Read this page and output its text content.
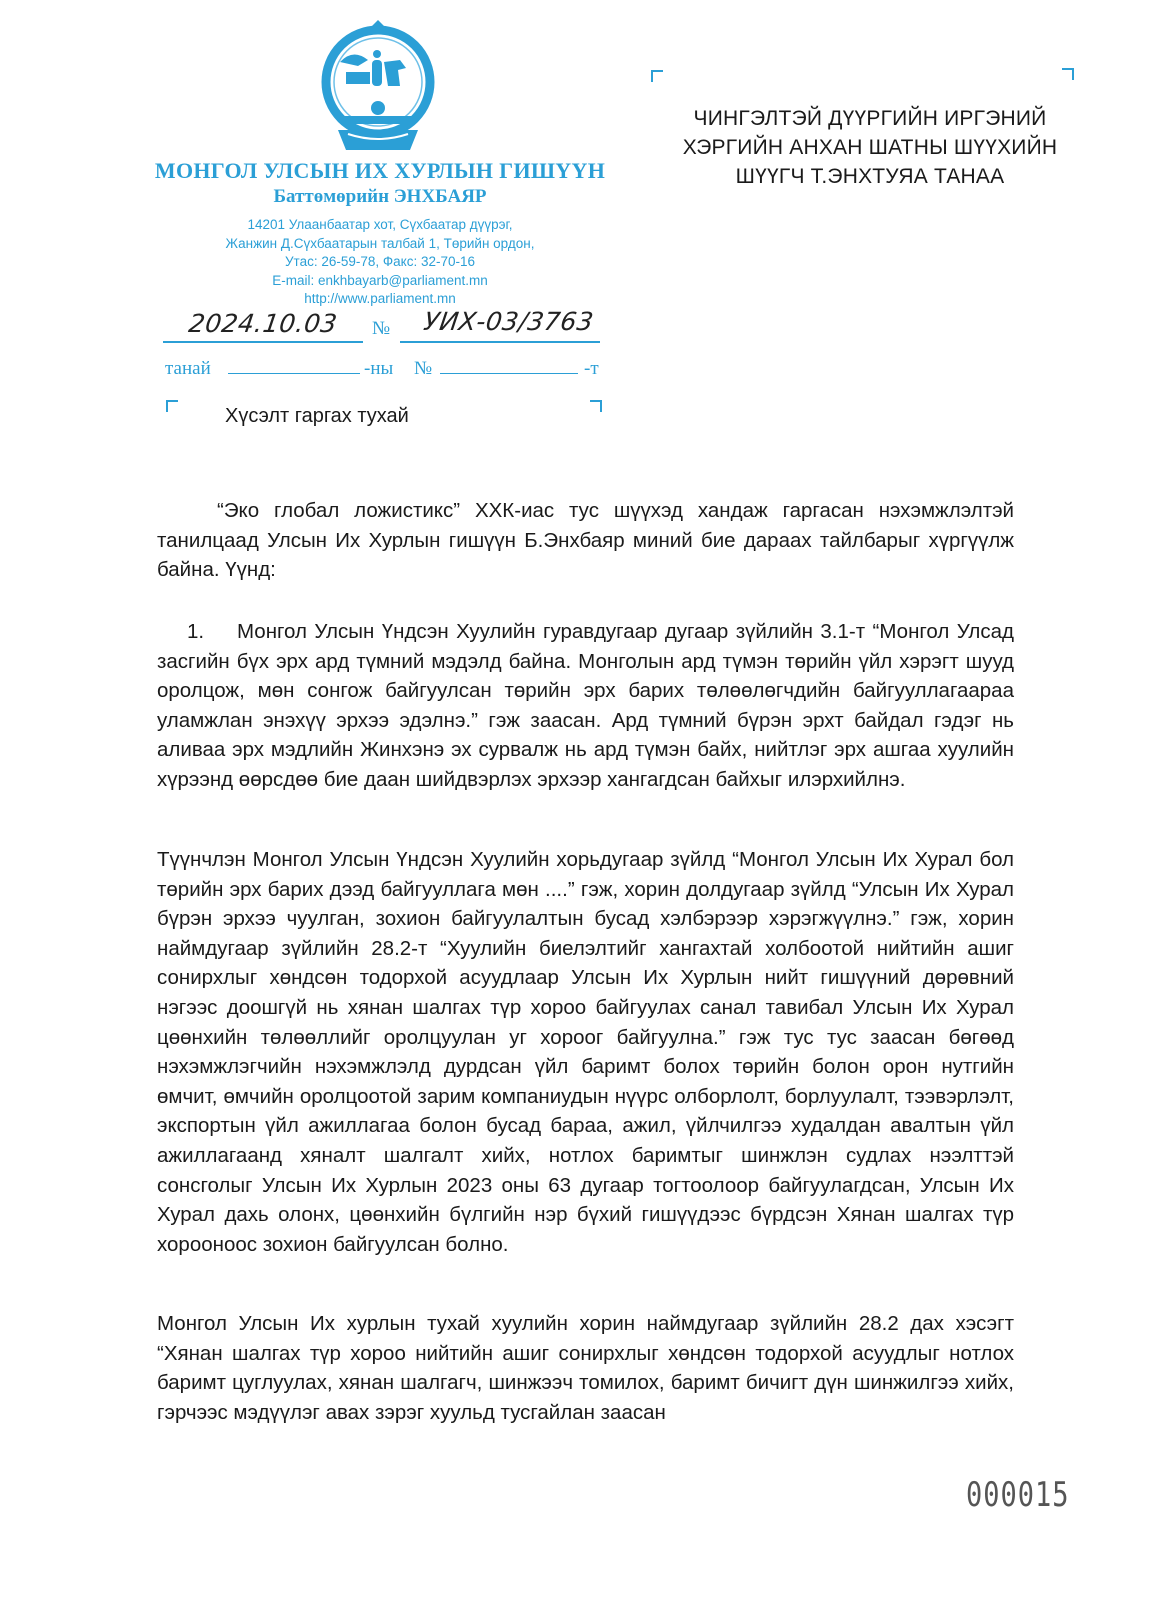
МОНГОЛ УЛСЫН ИХ ХУРЛЫН ГИШҮҮН
Баттөмөрийн ЭНХБАЯР
14201 Улаанбаатар хот, Сүхбаатар дүүрэг,
Жанжин Д.Сүхбаатарын талбай 1, Төрийн ордон,
Утас: 26-59-78, Факс: 32-70-16
E-mail: enkhbayarb@parliament.mn
http://www.parliament.mn
2024.10.03 № УИХ-03/3763
танай	-ны №	-т
ЧИНГЭЛТЭЙ ДҮҮРГИЙН ИРГЭНИЙ
ХЭРГИЙН АНХАН ШАТНЫ ШҮҮХИЙН
ШҮҮГЧ Т.ЭНХТУЯА ТАНАА
Хүсэлт гаргах тухай

“Эко глобал ложистикс” ХХК-иас тус шүүхэд хандаж гаргасан нэхэмжлэлтэй танилцаад Улсын Их Хурлын гишүүн Б.Энхбаяр миний бие дараах тайлбарыг хүргүүлж байна. Үүнд:

1. Монгол Улсын Үндсэн Хуулийн гуравдугаар дугаар зүйлийн 3.1-т “Монгол Улсад засгийн бүх эрх ард түмний мэдэлд байна. Монголын ард түмэн төрийн үйл хэрэгт шууд оролцож, мөн сонгож байгуулсан төрийн эрх барих төлөөлөгчдийн байгууллагаараа уламжлан энэхүү эрхээ эдэлнэ.” гэж заасан. Ард түмний бүрэн эрхт байдал гэдэг нь аливаа эрх мэдлийн Жинхэнэ эх сурвалж нь ард түмэн байх, нийтлэг эрх ашгаа хуулийн хүрээнд өөрсдөө бие даан шийдвэрлэх эрхээр хангагдсан байхыг илэрхийлнэ.

Түүнчлэн Монгол Улсын Үндсэн Хуулийн хорьдугаар зүйлд “Монгол Улсын Их Хурал бол төрийн эрх барих дээд байгууллага мөн ....” гэж, хорин долдугаар зүйлд “Улсын Их Хурал бүрэн эрхээ чуулган, зохион байгуулалтын бусад хэлбэрээр хэрэгжүүлнэ.” гэж, хорин наймдугаар зүйлийн 28.2-т “Хуулийн биелэлтийг хангахтай холбоотой нийтийн ашиг сонирхлыг хөндсөн тодорхой асуудлаар Улсын Их Хурлын нийт гишүүний дөрөвний нэгээс доошгүй нь хянан шалгах түр хороо байгуулах санал тавибал Улсын Их Хурал цөөнхийн төлөөллийг оролцуулан уг хороог байгуулна.” гэж тус тус заасан бөгөөд нэхэмжлэгчийн нэхэмжлэлд дурдсан үйл баримт болох төрийн болон орон нутгийн өмчит, өмчийн оролцоотой зарим компаниудын нүүрс олборлолт, борлуулалт, тээвэрлэлт, экспортын үйл ажиллагаа болон бусад бараа, ажил, үйлчилгээ худалдан авалтын үйл ажиллагаанд хяналт шалгалт хийх, нотлох баримтыг шинжлэн судлах нээлттэй сонсголыг Улсын Их Хурлын 2023 оны 63 дугаар тогтоолоор байгуулагдсан, Улсын Их Хурал дахь олонх, цөөнхийн бүлгийн нэр бүхий гишүүдээс бүрдсэн Хянан шалгах түр хорооноос зохион байгуулсан болно.

Монгол Улсын Их хурлын тухай хуулийн хорин наймдугаар зүйлийн 28.2 дах хэсэгт “Хянан шалгах түр хороо нийтийн ашиг сонирхлыг хөндсөн тодорхой асуудлыг нотлох баримт цуглуулах, хянан шалгагч, шинжээч томилох, баримт бичигт дүн шинжилгээ хийх, гэрчээс мэдүүлэг авах зэрэг хуульд тусгайлан заасан

000015
